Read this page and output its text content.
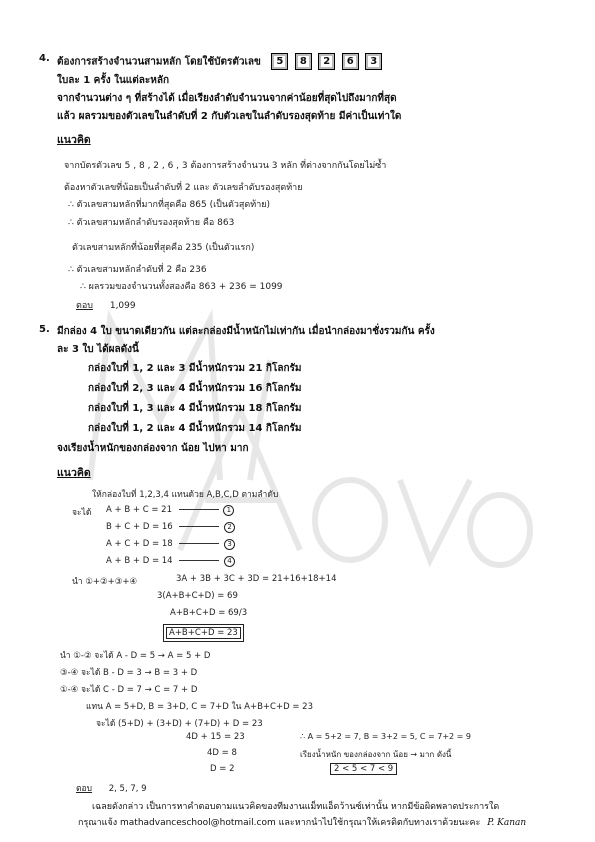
4. ต้องการสร้างจำนวนสามหลัก โดยใช้บัตรตัวเลข 5 8 2 6 3
ใบละ 1 ครั้ง ในแต่ละหลัก
จากจำนวนต่าง ๆ ที่สร้างได้ เมื่อเรียงลำดับจำนวนจากค่าน้อยที่สุดไปถึงมากที่สุด
แล้ว ผลรวมของตัวเลขในลำดับที่ 2 กับตัวเลขในลำดับรองสุดท้าย มีค่าเป็นเท่าใด
แนวคิด
จากบัตรตัวเลข 5 , 8 , 2 , 6 , 3 ต้องการสร้างจำนวน 3 หลัก ที่ต่างจากกันโดยไม่ซ้ำ
ต้องหาตัวเลขที่น้อยเป็นลำดับที่ 2 และ ตัวเลขลำดับรองสุดท้าย
∴ ตัวเลขสามหลักที่มากที่สุดคือ 865 (เป็นตัวสุดท้าย)
∴ ตัวเลขสามหลักลำดับรองสุดท้าย คือ 863
ตัวเลขสามหลักที่น้อยที่สุดคือ 235 (เป็นตัวแรก)
∴ ตัวเลขสามหลักลำดับที่ 2 คือ 236
∴ ผลรวมของจำนวนทั้งสองคือ 863 + 236 = 1099
ตอบ 1,099
5. มีกล่อง 4 ใบ ขนาดเดียวกัน แต่ละกล่องมีน้ำหนักไม่เท่ากัน เมื่อนำกล่องมาชั่งรวมกัน ครั้ง
ละ 3 ใบ ได้ผลดังนี้
กล่องใบที่ 1, 2 และ 3 มีน้ำหนักรวม 21 กิโลกรัม
กล่องใบที่ 2, 3 และ 4 มีน้ำหนักรวม 16 กิโลกรัม
กล่องใบที่ 1, 3 และ 4 มีน้ำหนักรวม 18 กิโลกรัม
กล่องใบที่ 1, 2 และ 4 มีน้ำหนักรวม 14 กิโลกรัม
จงเรียงน้ำหนักของกล่องจาก น้อย ไปหา มาก
แนวคิด
ให้กล่องใบที่ 1,2,3,4 แทนด้วย A,B,C,D ตามลำดับ
จะได้ A + B + C = 21	1
B + C + D = 16	2
A + C + D = 18	3
A + B + D = 14	4
นำ ①+②+③+④	3A + 3B + 3C + 3D = 21+16+18+14
3(A+B+C+D) = 69
A+B+C+D = 69/3
A+B+C+D = 23
นำ ①-② จะได้ A - D = 5 → A = 5 + D
③-④ จะได้ B - D = 3 → B = 3 + D
①-④ จะได้ C - D = 7 → C = 7 + D
แทน A = 5+D, B = 3+D, C = 7+D ใน A+B+C+D = 23
จะได้ (5+D) + (3+D) + (7+D) + D = 23
4D + 15 = 23
4D = 8
D = 2
∴ A = 5+2 = 7, B = 3+2 = 5, C = 7+2 = 9
เรียงน้ำหนัก ของกล่องจาก น้อย → มาก ดังนี้
2 < 5 < 7 < 9
ตอบ 2, 5, 7, 9
เฉลยดังกล่าว เป็นการหาคำตอบตามแนวคิดของทีมงานแม็ทแอ็ดว้านซ์เท่านั้น หากมีข้อผิดพลาดประการใด
กรุณาแจ้ง mathadvanceschool@hotmail.com และหากนำไปใช้กรุณาให้เครดิตกับทางเราด้วยนะคะ P. Kanan
